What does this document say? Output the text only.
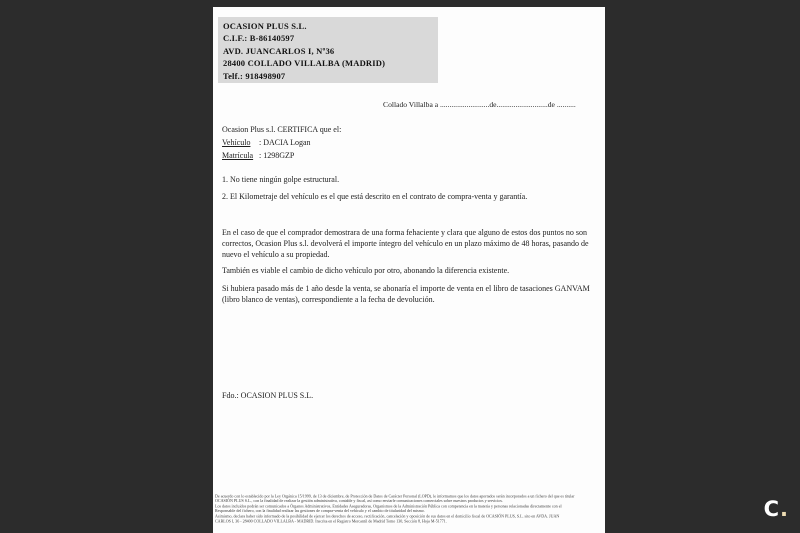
OCASION PLUS S.L.
C.I.F.: B-86140597
AVD. JUANCARLOS I, Nº36
28400 COLLADO VILLALBA (MADRID)
Telf.: 918498907
Collado Villalba a ..........................de...........................de ..........
Ocasion Plus s.l. CERTIFICA que el:
Vehículo : DACIA Logan
Matrícula : 1298GZP
1. No tiene ningún golpe estructural.
2. El Kilometraje del vehículo es el que está descrito en el contrato de compra-venta y garantía.
En el caso de que el comprador demostrara de una forma fehaciente y clara que alguno de estos dos puntos no son correctos, Ocasion Plus s.l. devolverá el importe íntegro del vehículo en un plazo máximo de 48 horas, pasando de nuevo el vehículo a su propiedad.
También es viable el cambio de dicho vehículo por otro, abonando la diferencia existente.
Si hubiera pasado más de 1 año desde la venta, se abonaría el importe de venta en el libro de tasaciones GANVAM (libro blanco de ventas), correspondiente a la fecha de devolución.
Fdo.: OCASION PLUS S.L.
De acuerdo con lo establecido por la Ley Orgánica 15/1999, de 13 de diciembre, de Protección de Datos de Carácter Personal (LOPD), le informamos que los datos aportados serán incorporados a un fichero del que es titular
OCASIÓN PLUS S.L., con la finalidad de realizar la gestión administrativa, contable y fiscal, así como enviarle comunicaciones comerciales sobre nuestros productos y servicios.
Los datos incluidos podrán ser comunicados a Órganos Administrativos, Entidades Aseguradoras, Organismos de la Administración Pública con competencia en la materia y personas relacionadas directamente con el
Responsable del fichero, con la finalidad realizar las gestiones de compra-venta del vehículo y el cambio de titularidad del mismo.
Asimismo, declara haber sido informado de la posibilidad de ejercer los derechos de acceso, rectificación, cancelación y oposición de sus datos en el domicilio fiscal de OCASIÓN PLUS, S.L. sito en AVDA. JUAN
CARLOS I, 36 - 28400 COLLADO VILLALBA - MADRID. Inscrita en el Registro Mercantil de Madrid Tomo 130, Sección 8, Hoja M-51771.
C.
